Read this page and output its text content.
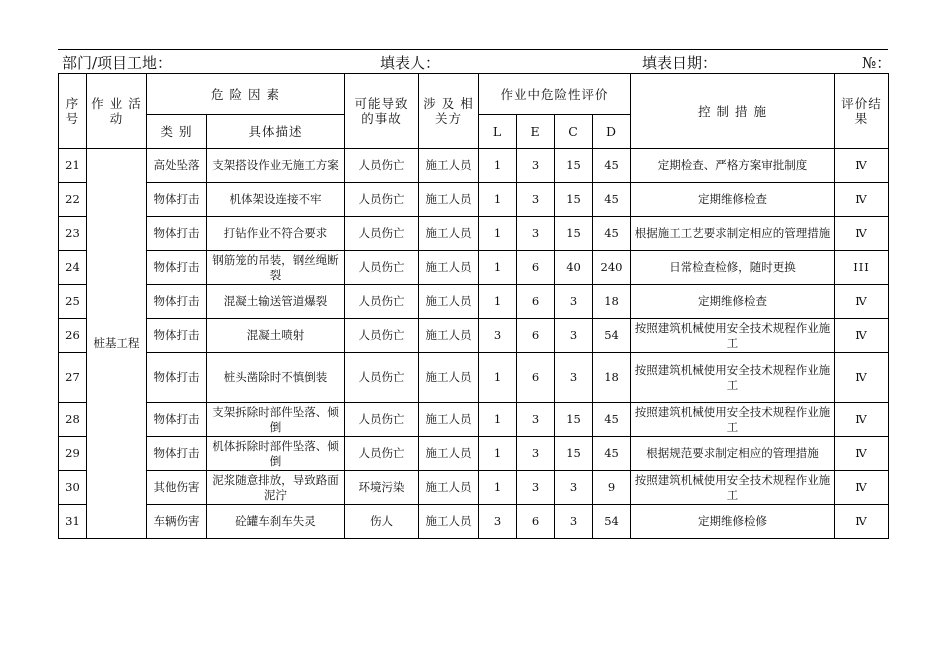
部门/项目工地：	填表人：	填表日期：	№：
序号	作 业 活 动	危 险 因 素		可能导致的事故	涉 及 相关方	作业中危险性评价				控 制 措 施	评价结果
		类 别	具体描述			L	E	C	D		
21	桩基工程	高处坠落	支架搭设作业无施工方案	人员伤亡	施工人员	1	3	15	45	定期检查、严格方案审批制度	Ⅳ
22		物体打击	机体架设连接不牢	人员伤亡	施工人员	1	3	15	45	定期维修检查	Ⅳ
23		物体打击	打钻作业不符合要求	人员伤亡	施工人员	1	3	15	45	根据施工工艺要求制定相应的管理措施	Ⅳ
24		物体打击	钢筋笼的吊装，钢丝绳断裂	人员伤亡	施工人员	1	6	40	240	日常检查检修，随时更换	III
25		物体打击	混凝土输送管道爆裂	人员伤亡	施工人员	1	6	3	18	定期维修检查	Ⅳ
26		物体打击	混凝土喷射	人员伤亡	施工人员	3	6	3	54	按照建筑机械使用安全技术规程作业施工	Ⅳ
27		物体打击	桩头凿除时不慎倒装	人员伤亡	施工人员	1	6	3	18	按照建筑机械使用安全技术规程作业施工	Ⅳ
28		物体打击	支架拆除时部件坠落、倾倒	人员伤亡	施工人员	1	3	15	45	按照建筑机械使用安全技术规程作业施工	Ⅳ
29		物体打击	机体拆除时部件坠落、倾倒	人员伤亡	施工人员	1	3	15	45	根据规范要求制定相应的管理措施	Ⅳ
30		其他伤害	泥浆随意排放，导致路面泥泞	环境污染	施工人员	1	3	3	9	按照建筑机械使用安全技术规程作业施工	Ⅳ
31		车辆伤害	砼罐车刹车失灵	伤人	施工人员	3	6	3	54	定期维修检修	Ⅳ
